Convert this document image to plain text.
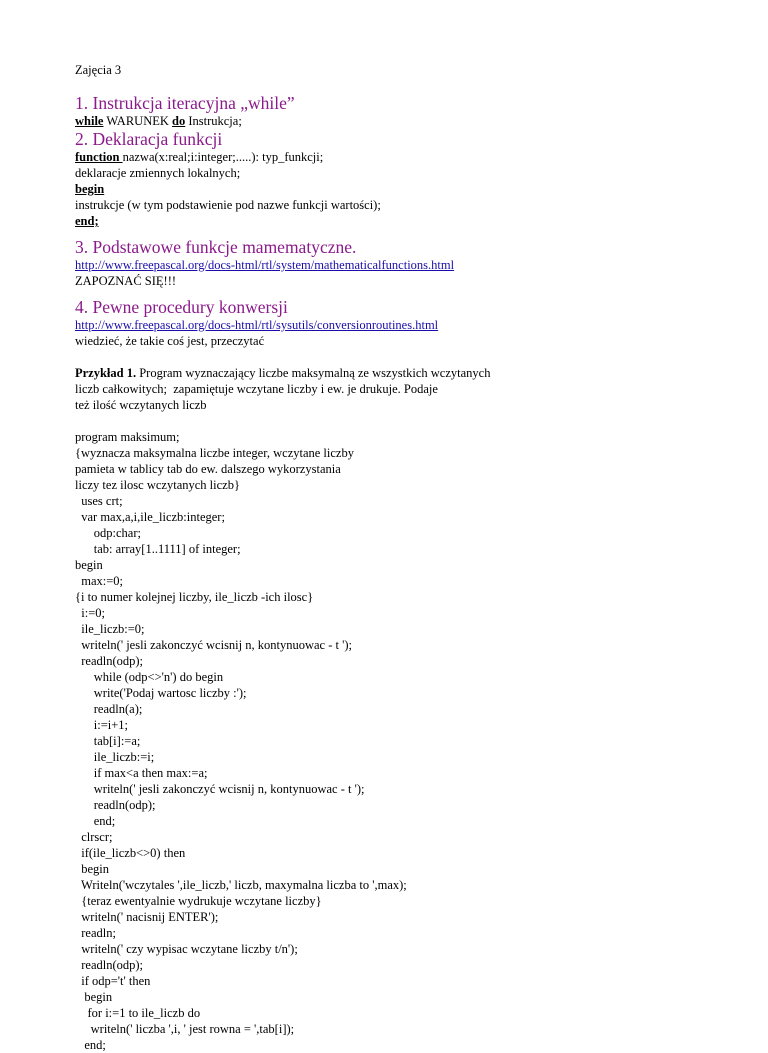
Zajęcia 3

1. Instrukcja iteracyjna „while”

while WARUNEK do Instrukcja;

2. Deklaracja funkcji

function nazwa(x:real;i:integer;.....): typ_funkcji;

deklaracje zmiennych lokalnych;

begin

instrukcje (w tym podstawienie pod nazwe funkcji wartości);

end;

3. Podstawowe funkcje mamematyczne.

http://www.freepascal.org/docs-html/rtl/system/mathematicalfunctions.html

ZAPOZNAĆ SIĘ!!!

4. Pewne procedury konwersji

http://www.freepascal.org/docs-html/rtl/sysutils/conversionroutines.html

wiedzieć, że takie coś jest, przeczytać

Przykład 1. Program wyznaczający liczbe maksymalną ze wszystkich wczytanych

liczb całkowitych;  zapamiętuje wczytane liczby i ew. je drukuje. Podaje

też ilość wczytanych liczb

program maksimum;

{wyznacza maksymalna liczbe integer, wczytane liczby

pamieta w tablicy tab do ew. dalszego wykorzystania

liczy tez ilosc wczytanych liczb}

uses crt;

var max,a,i,ile_liczb:integer;

odp:char;

tab: array[1..1111] of integer;

begin

max:=0;

{i to numer kolejnej liczby, ile_liczb -ich ilosc}

i:=0;

ile_liczb:=0;

writeln(' jesli zakonczyć wcisnij n, kontynuowac - t ');

readln(odp);

while (odp<>'n') do begin

write('Podaj wartosc liczby :');

readln(a);

i:=i+1;

tab[i]:=a;

ile_liczb:=i;

if max<a then max:=a;

writeln(' jesli zakonczyć wcisnij n, kontynuowac - t ');

readln(odp);

end;

clrscr;

if(ile_liczb<>0) then

begin

Writeln('wczytales ',ile_liczb,' liczb, maxymalna liczba to ',max);

{teraz ewentyalnie wydrukuje wczytane liczby}

writeln(' nacisnij ENTER');

readln;

writeln(' czy wypisac wczytane liczby t/n');

readln(odp);

if odp='t' then

begin

for i:=1 to ile_liczb do

writeln(' liczba ',i, ' jest rowna = ',tab[i]);

end;
